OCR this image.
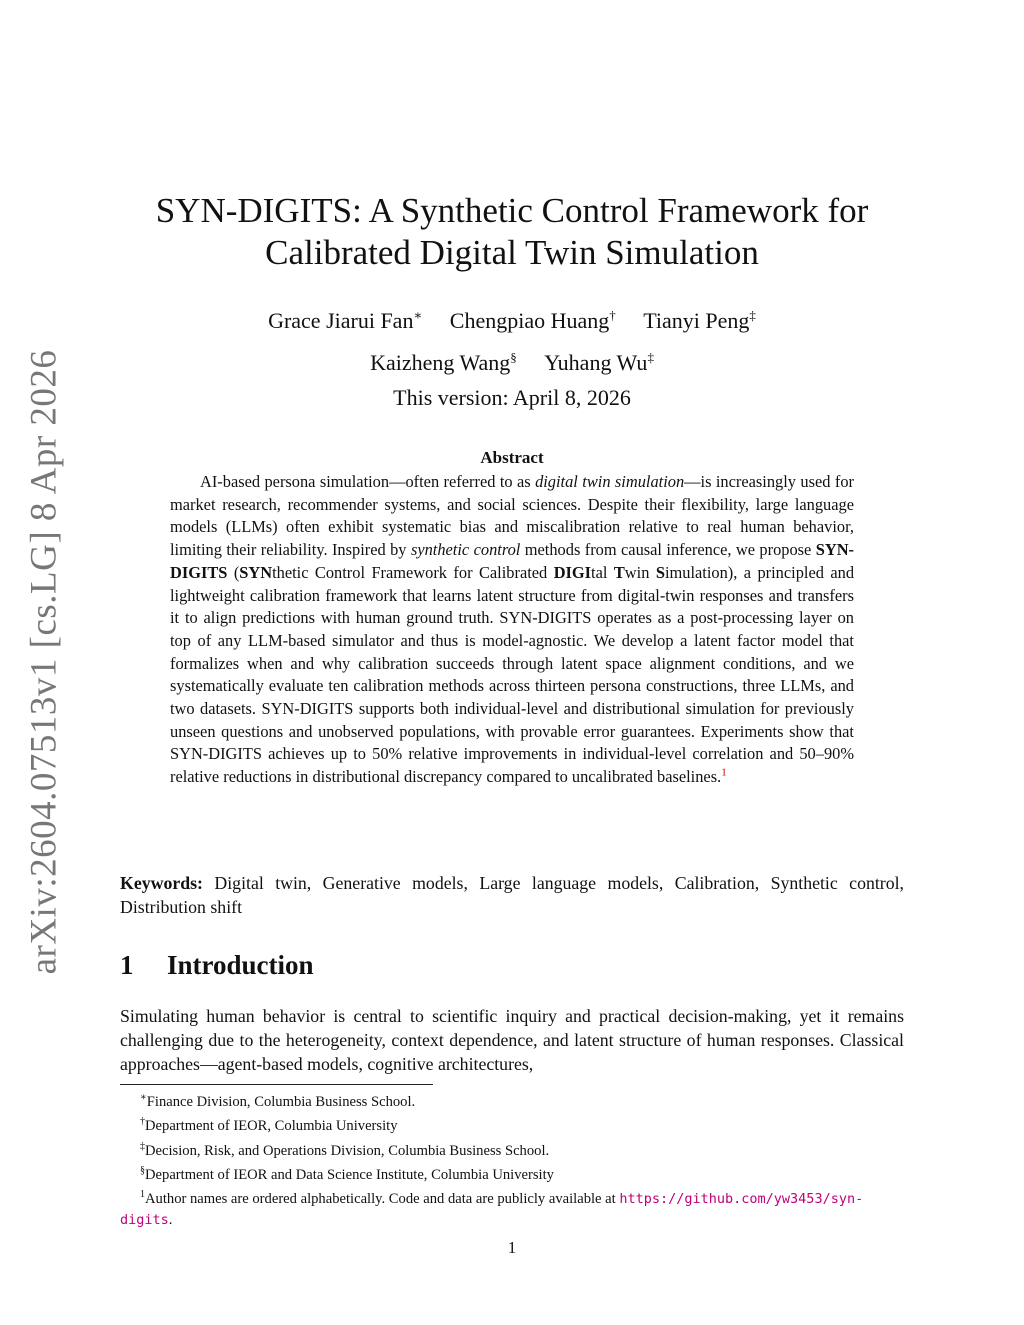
arXiv:2604.07513v1 [cs.LG] 8 Apr 2026
SYN-DIGITS: A Synthetic Control Framework for
Calibrated Digital Twin Simulation
Grace Jiarui Fan∗ Chengpiao Huang† Tianyi Peng‡
Kaizheng Wang§ Yuhang Wu‡
This version: April 8, 2026
Abstract

AI-based persona simulation—often referred to as digital twin simulation—is increasingly used for market research, recommender systems, and social sciences. Despite their flexibility, large language models (LLMs) often exhibit systematic bias and miscalibration relative to real human behavior, limiting their reliability. Inspired by synthetic control methods from causal inference, we propose SYN-DIGITS (SYNthetic Control Framework for Calibrated DIGItal Twin Simulation), a principled and lightweight calibration framework that learns latent structure from digital-twin responses and transfers it to align predictions with human ground truth. SYN-DIGITS operates as a post-processing layer on top of any LLM-based simulator and thus is model-agnostic. We develop a latent factor model that formalizes when and why calibration succeeds through latent space alignment conditions, and we systematically evaluate ten calibration methods across thirteen persona constructions, three LLMs, and two datasets. SYN-DIGITS supports both individual-level and distributional simulation for previously unseen questions and unobserved populations, with provable error guarantees. Experiments show that SYN-DIGITS achieves up to 50% relative improvements in individual-level correlation and 50–90% relative reductions in distributional discrepancy compared to uncalibrated baselines.$^1$

Keywords: Digital twin, Generative models, Large language models, Calibration, Synthetic control, Distribution shift

1 Introduction

Simulating human behavior is central to scientific inquiry and practical decision-making, yet it remains challenging due to the heterogeneity, context dependence, and latent structure of human responses. Classical approaches—agent-based models, cognitive architectures,

∗Finance Division, Columbia Business School.
†Department of IEOR, Columbia University
‡Decision, Risk, and Operations Division, Columbia Business School.
§Department of IEOR and Data Science Institute, Columbia University
$^1$Author names are ordered alphabetically. Code and data are publicly available at https://github.com/yw3453/syn-digits.
1
